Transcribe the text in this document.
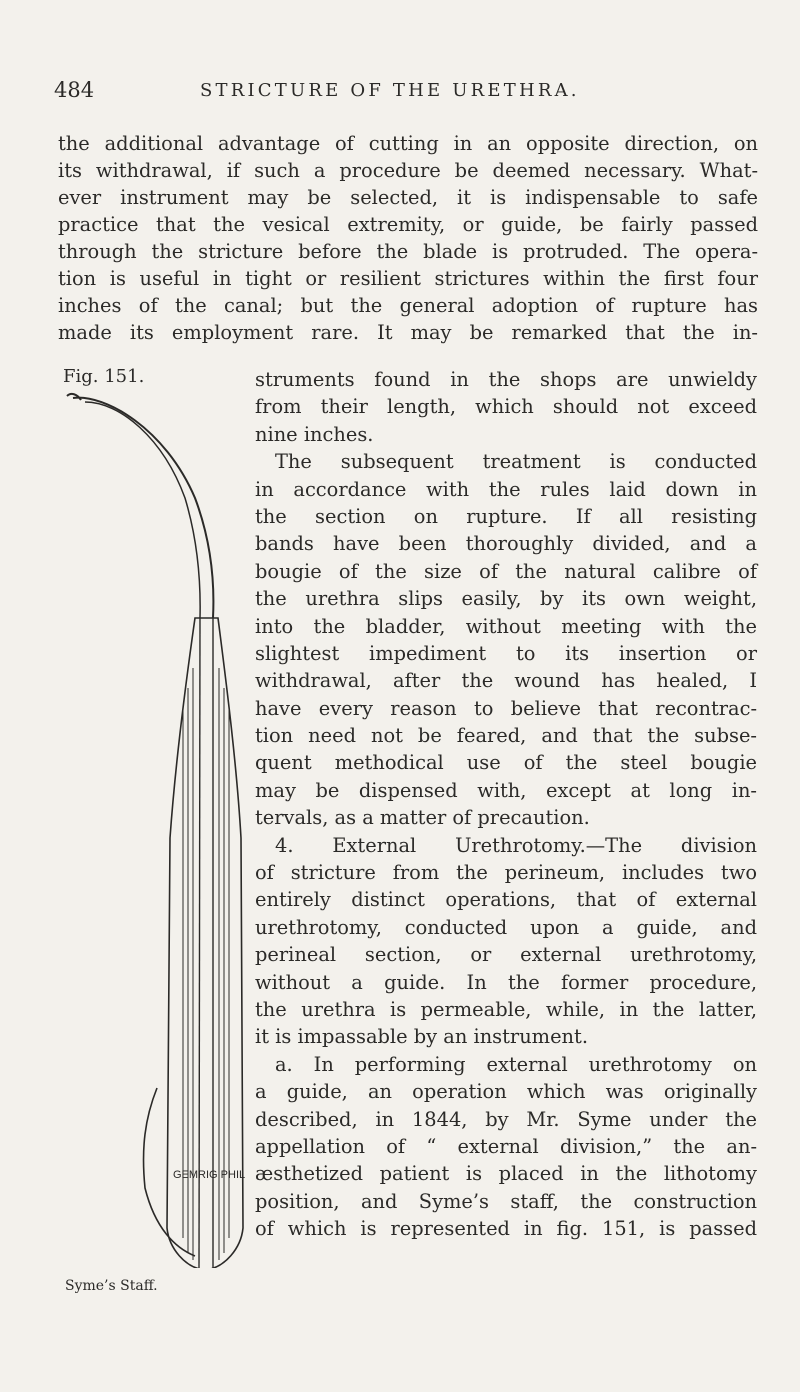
484	STRICTURE OF THE URETHRA.
the additional advantage of cutting in an opposite direction, on
its withdrawal, if such a procedure be deemed necessary. What-
ever instrument may be selected, it is indispensable to safe
practice that the vesical extremity, or guide, be fairly passed
through the stricture before the blade is protruded. The opera-
tion is useful in tight or resilient strictures within the first four
inches of the canal; but the general adoption of rupture has
made its employment rare. It may be remarked that the in-
Fig. 151.
GEMRIG PHILA
Syme’s Staff.
struments found in the shops are unwieldy
from their length, which should not exceed
nine inches.
The subsequent treatment is conducted
in accordance with the rules laid down in
the section on rupture. If all resisting
bands have been thoroughly divided, and a
bougie of the size of the natural calibre of
the urethra slips easily, by its own weight,
into the bladder, without meeting with the
slightest impediment to its insertion or
withdrawal, after the wound has healed, I
have every reason to believe that recontrac-
tion need not be feared, and that the subse-
quent methodical use of the steel bougie
may be dispensed with, except at long in-
tervals, as a matter of precaution.
4. External Urethrotomy.—The division
of stricture from the perineum, includes two
entirely distinct operations, that of external
urethrotomy, conducted upon a guide, and
perineal section, or external urethrotomy,
without a guide. In the former procedure,
the urethra is permeable, while, in the latter,
it is impassable by an instrument.
a. In performing external urethrotomy on
a guide, an operation which was originally
described, in 1844, by Mr. Syme under the
appellation of “ external division,” the an-
æsthetized patient is placed in the lithotomy
position, and Syme’s staff, the construction
of which is represented in fig. 151, is passed
